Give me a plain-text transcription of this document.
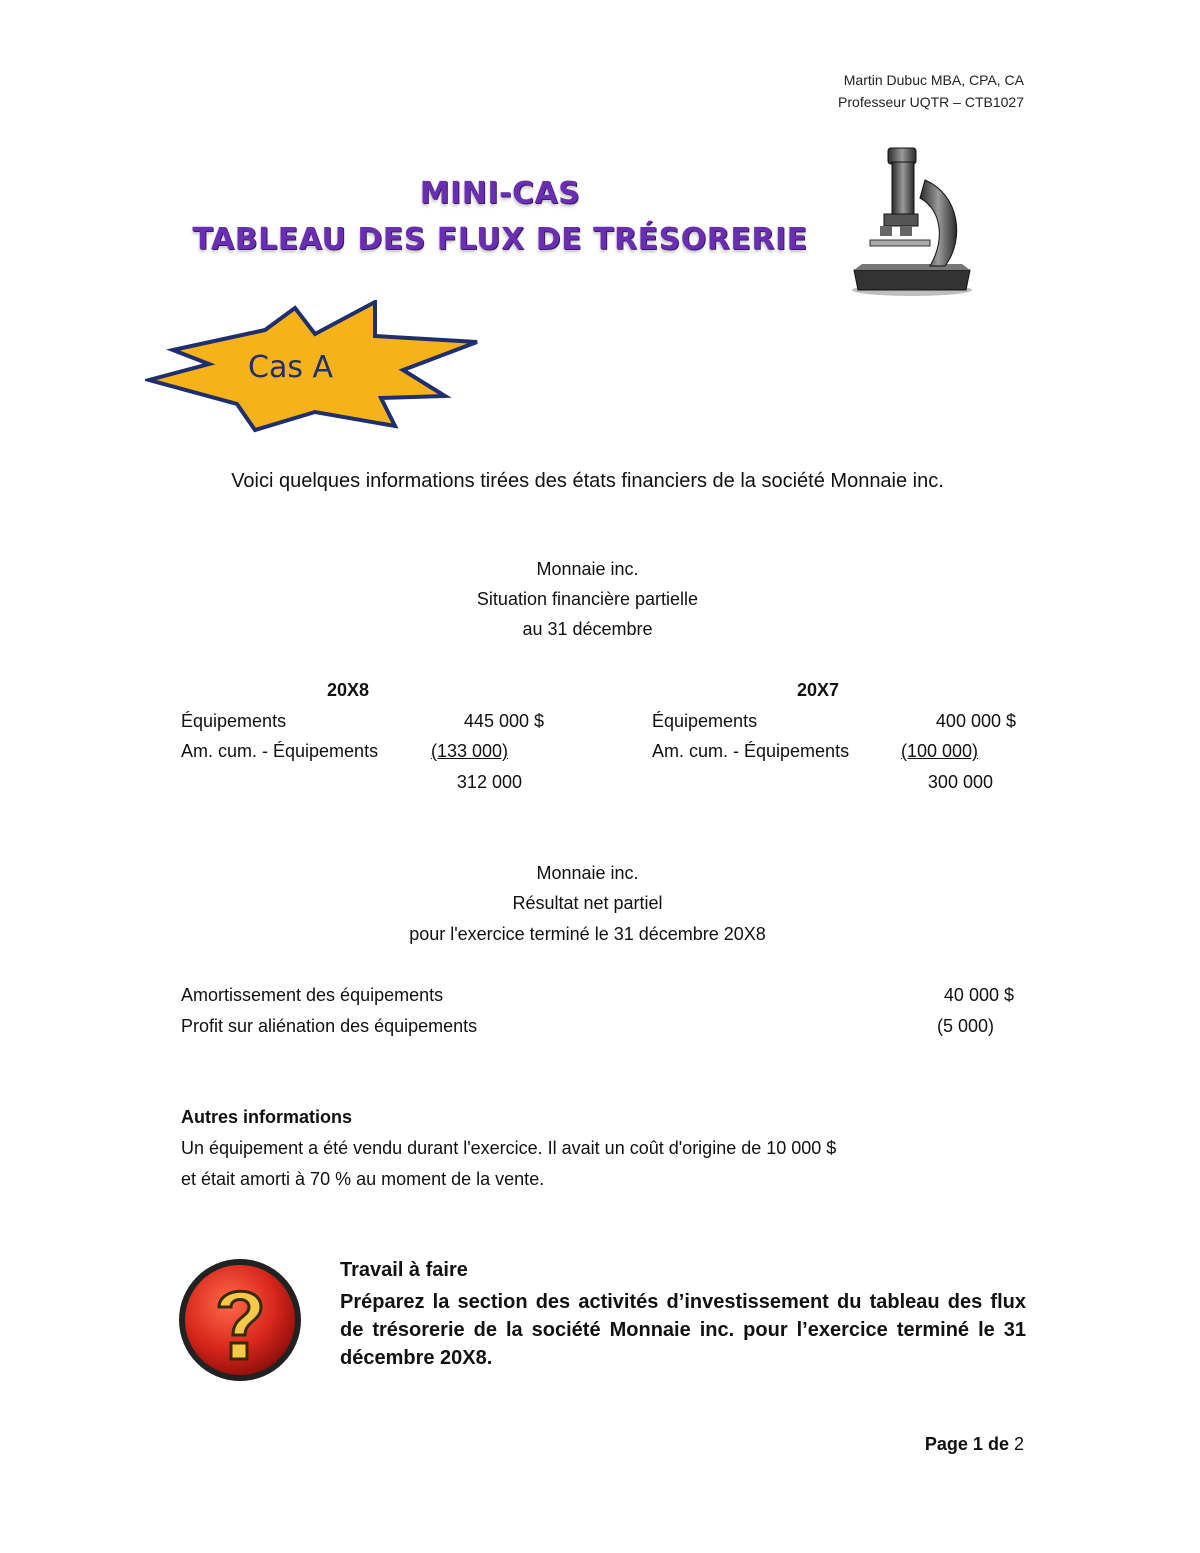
Martin Dubuc MBA, CPA, CA
Professeur UQTR – CTB1027
MINI-CAS
TABLEAU DES FLUX DE TRÉSORERIE
Cas A
Voici quelques informations tirées des états financiers de la société Monnaie inc.
Monnaie inc.
Situation financière partielle
au 31 décembre
20X8
Équipements	445 000 $
Am. cum. - Équipements	(133 000)
312 000
20X7
Équipements	400 000 $
Am. cum. - Équipements	(100 000)
300 000
Monnaie inc.
Résultat net partiel
pour l'exercice terminé le 31 décembre 20X8
Amortissement des équipements	40 000 $
Profit sur aliénation des équipements	(5 000)
Autres informations
Un équipement a été vendu durant l'exercice. Il avait un coût d'origine de 10 000 $
et était amorti à 70 % au moment de la vente.
Travail à faire
Préparez la section des activités d’investissement du tableau des flux de trésorerie de la société Monnaie inc. pour l’exercice terminé le 31 décembre 20X8.
Page 1 de 2
